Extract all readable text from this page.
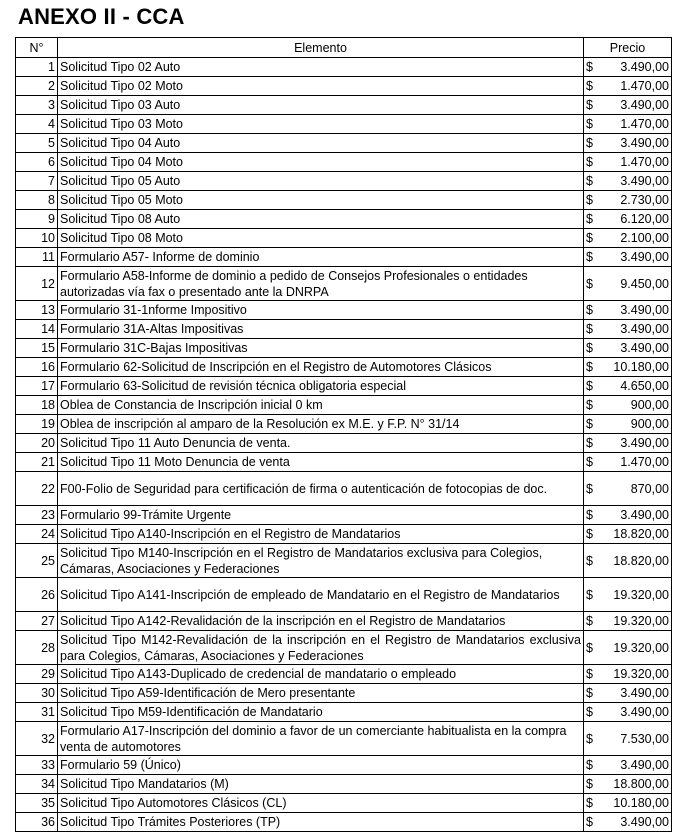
ANEXO II - CCA
N°	Elemento	Precio
1	Solicitud Tipo 02 Auto	$ 3.490,00

2	Solicitud Tipo 02 Moto	$ 1.470,00

3	Solicitud Tipo 03 Auto	$ 3.490,00

4	Solicitud Tipo 03 Moto	$ 1.470,00

5	Solicitud Tipo 04 Auto	$ 3.490,00

6	Solicitud Tipo 04 Moto	$ 1.470,00

7	Solicitud Tipo 05 Auto	$ 3.490,00

8	Solicitud Tipo 05 Moto	$ 2.730,00

9	Solicitud Tipo 08 Auto	$ 6.120,00

10	Solicitud Tipo 08 Moto	$ 2.100,00

11	Formulario A57- Informe de dominio	$ 3.490,00

12	Formulario A58-Informe de dominio a pedido de Consejos Profesionales o entidades autorizadas vía fax o presentado ante la DNRPA	$ 9.450,00

13	Formulario 31-1nforme Impositivo	$ 3.490,00

14	Formulario 31A-Altas Impositivas	$ 3.490,00

15	Formulario 31C-Bajas Impositivas	$ 3.490,00

16	Formulario 62-Solicitud de Inscripción en el Registro de Automotores Clásicos	$ 10.180,00

17	Formulario 63-Solicitud de revisión técnica obligatoria especial	$ 4.650,00

18	Oblea de Constancia de Inscripción inicial 0 km	$ 900,00

19	Oblea de inscripción al amparo de la Resolución ex M.E. y F.P. N° 31/14	$ 900,00

20	Solicitud Tipo 11 Auto Denuncia de venta.	$ 3.490,00

21	Solicitud Tipo 11 Moto Denuncia de venta	$ 1.470,00

22	F00-Folio de Seguridad para certificación de firma o autenticación de fotocopias de doc.	$ 870,00

23	Formulario 99-Trámite Urgente	$ 3.490,00

24	Solicitud Tipo A140-Inscripción en el Registro de Mandatarios	$ 18.820,00

25	Solicitud Tipo M140-Inscripción en el Registro de Mandatarios exclusiva para Colegios, Cámaras, Asociaciones y Federaciones	$ 18.820,00

26	Solicitud Tipo A141-Inscripción de empleado de Mandatario en el Registro de Mandatarios	$ 19.320,00

27	Solicitud Tipo A142-Revalidación de la inscripción en el Registro de Mandatarios	$ 19.320,00

28	Solicitud Tipo M142-Revalidación de la inscripción en el Registro de Mandatarios exclusiva para Colegios, Cámaras, Asociaciones y Federaciones	$ 19.320,00

29	Solicitud Tipo A143-Duplicado de credencial de mandatario o empleado	$ 19.320,00

30	Solicitud Tipo A59-Identificación de Mero presentante	$ 3.490,00

31	Solicitud Tipo M59-Identificación de Mandatario	$ 3.490,00

32	Formulario A17-Inscripción del dominio a favor de un comerciante habitualista en la compra venta de automotores	$ 7.530,00

33	Formulario 59 (Único)	$ 3.490,00

34	Solicitud Tipo Mandatarios (M)	$ 18.800,00

35	Solicitud Tipo Automotores Clásicos (CL)	$ 10.180,00

36	Solicitud Tipo Trámites Posteriores (TP)	$ 3.490,00
